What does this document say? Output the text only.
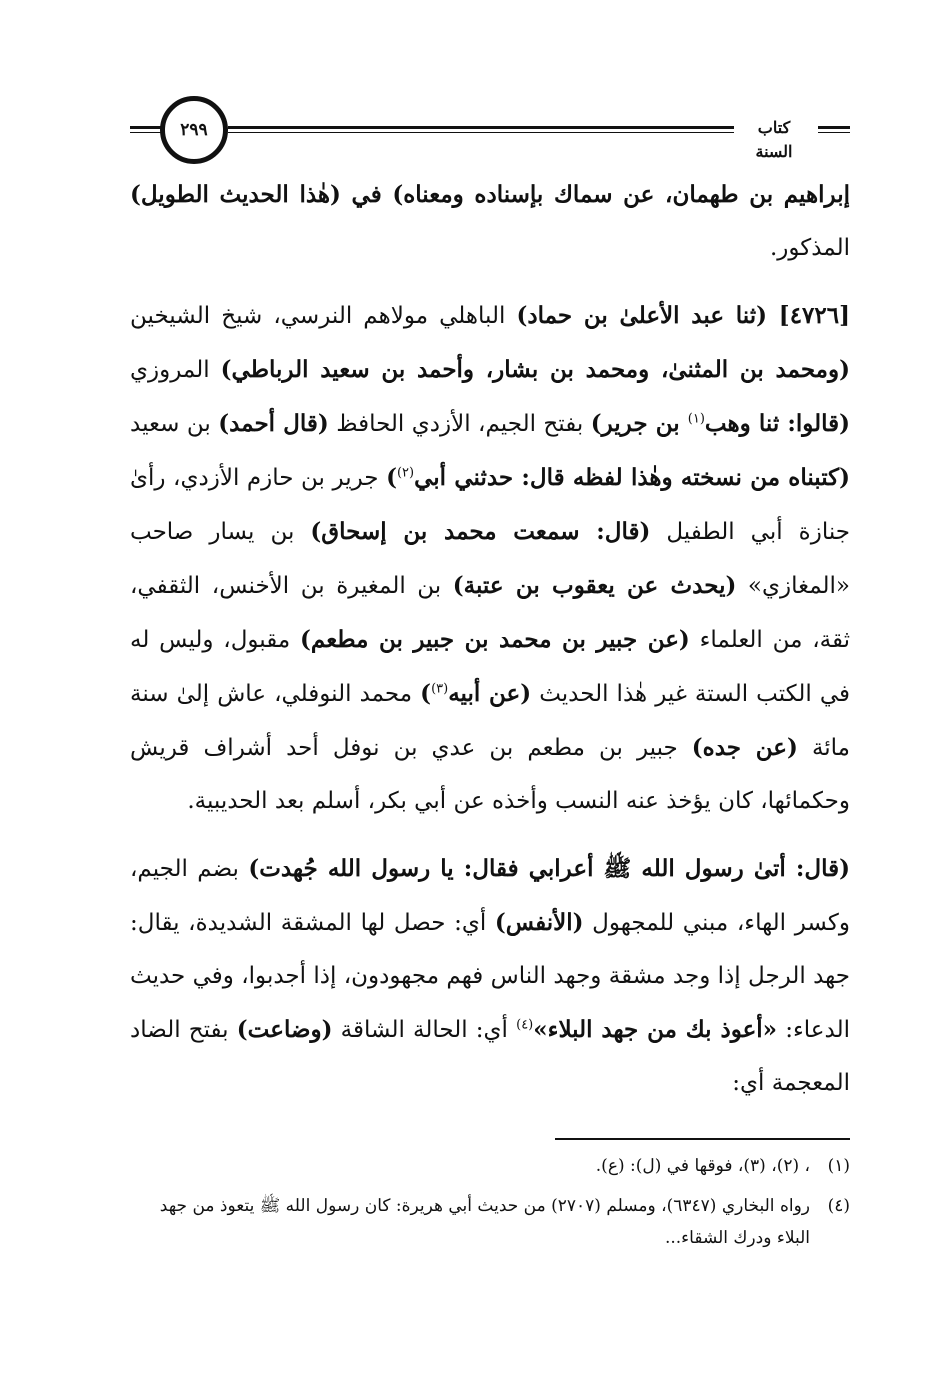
كتاب السنة
٢٩٩

إبراهيم بن طهمان، عن سماك بإسناده ومعناه) في (هٰذا الحديث الطويل) المذكور.

[٤٧٢٦] (ثنا عبد الأعلىٰ بن حماد) الباهلي مولاهم النرسي، شيخ الشيخين (ومحمد بن المثنىٰ، ومحمد بن بشار، وأحمد بن سعيد الرباطي) المروزي (قالوا: ثنا وهب$^{(١)}$ بن جرير) بفتح الجيم، الأزدي الحافظ (قال أحمد) بن سعيد (كتبناه من نسخته وهٰذا لفظه قال: حدثني أبي$^{(٢)}$) جرير بن حازم الأزدي، رأىٰ جنازة أبي الطفيل (قال: سمعت محمد بن إسحاق) بن يسار صاحب «المغازي» (يحدث عن يعقوب بن عتبة) بن المغيرة بن الأخنس، الثقفي، ثقة، من العلماء (عن جبير بن محمد بن جبير بن مطعم) مقبول، وليس له في الكتب الستة غير هٰذا الحديث (عن أبيه$^{(٣)}$) محمد النوفلي، عاش إلىٰ سنة مائة (عن جده) جبير بن مطعم بن عدي بن نوفل أحد أشراف قريش وحكمائها، كان يؤخذ عنه النسب وأخذه عن أبي بكر، أسلم بعد الحديبية.

(قال: أتىٰ رسول الله ﷺ أعرابي فقال: يا رسول الله جُهدت) بضم الجيم، وكسر الهاء، مبني للمجهول (الأنفس) أي: حصل لها المشقة الشديدة، يقال: جهد الرجل إذا وجد مشقة وجهد الناس فهم مجهودون، إذا أجدبوا، وفي حديث الدعاء: «أعوذ بك من جهد البلاء»$^{(٤)}$ أي: الحالة الشاقة (وضاعت) بفتح الضاد المعجمة أي:

(١)
، (٢)، (٣)، فوقها في (ل): (ع).
(٤)
رواه البخاري (٦٣٤٧)، ومسلم (٢٧٠٧) من حديث أبي هريرة: كان رسول الله ﷺ يتعوذ من جهد البلاء ودرك الشقاء...
